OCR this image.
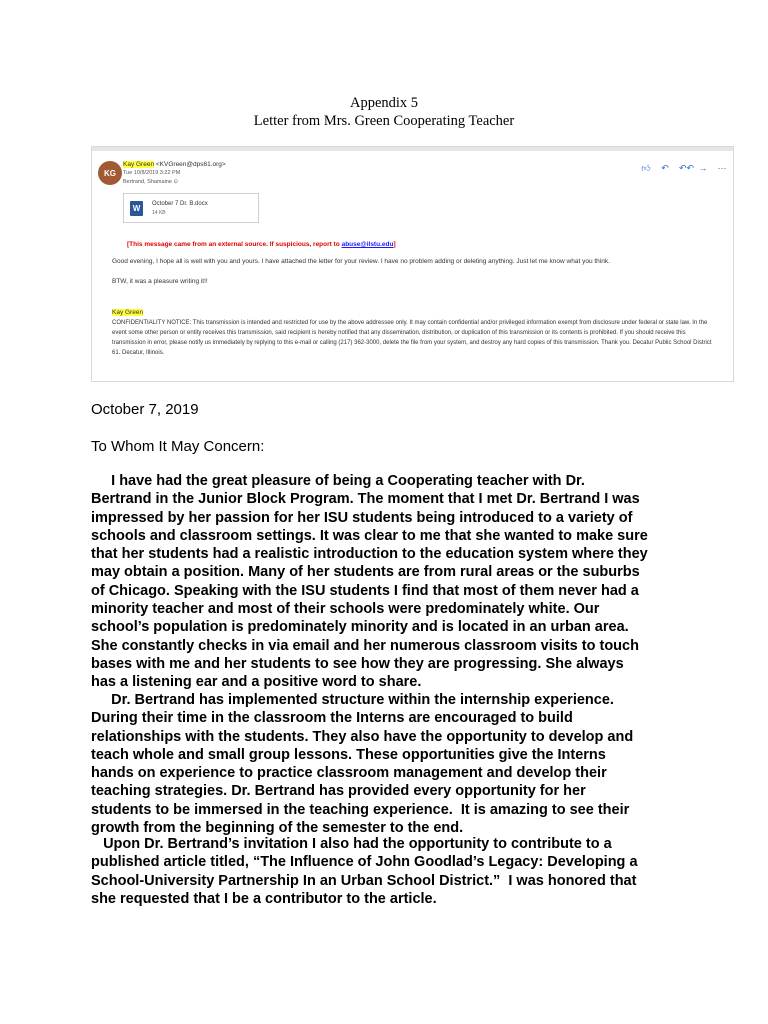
Appendix 5
Letter from Mrs. Green Cooperating Teacher
KG
Kay Green <KVGreen@dps61.org>
Tue 10/8/2019 3:22 PM
Bertrand, Shamaine ⊙
👍︎ ↶ ↶↶ → ⋯
W	October 7 Dr. B.docx
14 KB
[This message came from an external source. If suspicious, report to abuse@ilstu.edu]
Good evening, I hope all is well with you and yours. I have attached the letter for your review. I have no problem adding or deleting anything. Just let me know what you think.
BTW, it was a pleasure writing it!!
Kay Green
CONFIDENTIALITY NOTICE: This transmission is intended and restricted for use by the above addressee only. It may contain confidential and/or privileged information exempt from disclosure under federal or state law. In the event some other person or entity receives this transmission, said recipient is hereby notified that any dissemination, distribution, or duplication of this transmission or its contents is prohibited. If you should receive this transmission in error, please notify us immediately by replying to this e-mail or calling (217) 362-3000, delete the file from your system, and destroy any hard copies of this transmission. Thank you. Decatur Public School District 61. Decatur, Illinois.
October 7, 2019
To Whom It May Concern:
I have had the great pleasure of being a Cooperating teacher with Dr.
Bertrand in the Junior Block Program. The moment that I met Dr. Bertrand I was
impressed by her passion for her ISU students being introduced to a variety of
schools and classroom settings. It was clear to me that she wanted to make sure
that her students had a realistic introduction to the education system where they
may obtain a position. Many of her students are from rural areas or the suburbs
of Chicago. Speaking with the ISU students I find that most of them never had a
minority teacher and most of their schools were predominately white. Our
school’s population is predominately minority and is located in an urban area.
She constantly checks in via email and her numerous classroom visits to touch
bases with me and her students to see how they are progressing. She always
has a listening ear and a positive word to share.
Dr. Bertrand has implemented structure within the internship experience.
During their time in the classroom the Interns are encouraged to build
relationships with the students. They also have the opportunity to develop and
teach whole and small group lessons. These opportunities give the Interns
hands on experience to practice classroom management and develop their
teaching strategies. Dr. Bertrand has provided every opportunity for her
students to be immersed in the teaching experience.  It is amazing to see their
growth from the beginning of the semester to the end.
Upon Dr. Bertrand’s invitation I also had the opportunity to contribute to a
published article titled, “The Influence of John Goodlad’s Legacy: Developing a
School-University Partnership In an Urban School District.”  I was honored that
she requested that I be a contributor to the article.
